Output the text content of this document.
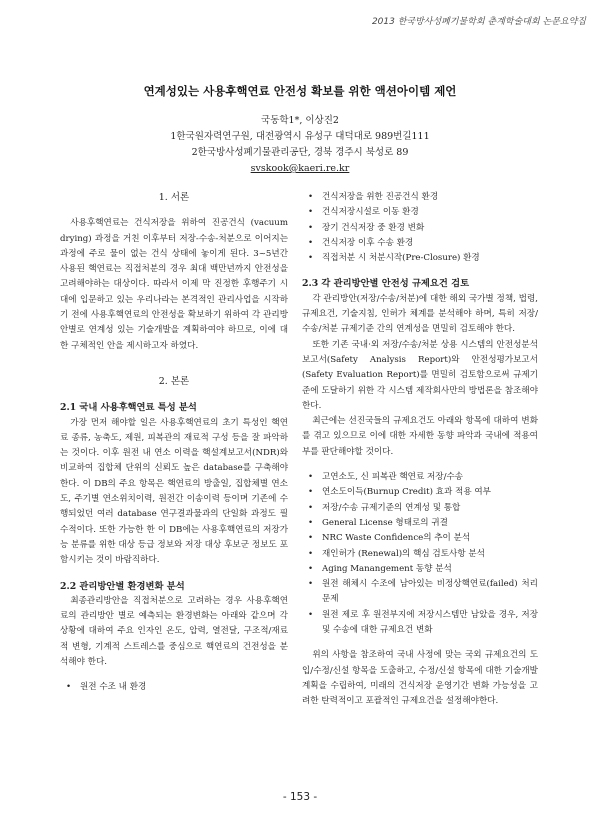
2013 한국방사성폐기물학회 춘계학술대회 논문요약집
연계성있는 사용후핵연료 안전성 확보를 위한 액션아이템 제언
국동학1*, 이상진2
1한국원자력연구원, 대전광역시 유성구 대덕대로 989번길111
2한국방사성폐기물관리공단, 경북 경주시 북성로 89
svskook@kaeri.re.kr

1. 서론

사용후핵연료는 건식저장을 위하여 진공건식 (vacuum drying) 과정을 거친 이후부터 저장-수송-처분으로 이어지는 과정에 주로 물이 없는 건식 상태에 놓이게 된다. 3~5년간 사용된 핵연료는 직접처분의 경우 최대 백만년까지 안전성을 고려해야하는 대상이다. 따라서 이제 막 진정한 후행주기 시대에 입문하고 있는 우리나라는 본격적인 관리사업을 시작하기 전에 사용후핵연료의 안전성을 확보하기 위하여 각 관리방안별로 연계성 있는 기술개발을 계획하여야 하므로, 이에 대한 구체적인 안을 제시하고자 하였다.

2. 본론

2.1 국내 사용후핵연료 특성 분석

가장 먼저 해야할 일은 사용후핵연료의 초기 특성인 핵연료 종류, 농축도, 제원, 피복관의 재료적 구성 등을 잘 파악하는 것이다. 이후 원전 내 연소 이력을 핵설계보고서(NDR)와 비교하여 집합체 단위의 신뢰도 높은 database를 구축해야 한다. 이 DB의 주요 항목은 핵연료의 방출일, 집합체별 연소도, 주기별 연소위치이력, 원전간 이송이력 등이며 기존에 수행되었던 여러 database 연구결과물과의 단일화 과정도 필수적이다. 또한 가능한 한 이 DB에는 사용후핵연료의 저장가능 분류를 위한 대상 등급 정보와 저장 대상 후보군 정보도 포함시키는 것이 바람직하다.

2.2 관리방안별 환경변화 분석

최종관리방안을 직접처분으로 고려하는 경우 사용후핵연료의 관리방안 별로 예측되는 환경변화는 아래와 같으며 각 상황에 대하여 주요 인자인 온도, 압력, 열전달, 구조적/재료적 변형, 기계적 스트레스를 중심으로 핵연료의 건전성을 분석해야 한다.

• 원전 수조 내 환경
• 건식저장을 위한 진공건식 환경
• 건식저장시설로 이동 환경
• 장기 건식저장 중 환경 변화
• 건식저장 이후 수송 환경
• 직접처분 시 처분시작(Pre-Closure) 환경

2.3 각 관리방안별 안전성 규제요건 검토

각 관리방안(저장/수송/처분)에 대한 해외 국가별 정책, 법령, 규제요건, 기술지침, 인허가 체계를 분석해야 하며, 특히 저장/수송/처분 규제기준 간의 연계성을 면밀히 검토해야 한다.

또한 기존 국내·외 저장/수송/처분 상용 시스템의 안전성분석보고서(Safety Analysis Report)와 안전성평가보고서(Safety Evaluation Report)를 면밀히 검토함으로써 규제기준에 도달하기 위한 각 시스템 제작회사만의 방법론을 참조해야 한다.

최근에는 선진국들의 규제요건도 아래와 항목에 대하여 변화를 겪고 있으므로 이에 대한 자세한 동향 파악과 국내에 적용여부를 판단해야할 것이다.

• 고연소도, 신 피복관 핵연료 저장/수송
• 연소도이득(Burnup Credit) 효과 적용 여부
• 저장/수송 규제기준의 연계성 및 통합
• General License 형태로의 귀결
• NRC Waste Confidence의 추이 분석
• 재인허가 (Renewal)의 핵심 검토사항 분석
• Aging Manangement 동향 분석
• 원전 해체시 수조에 남아있는 비정상핵연료(failed) 처리문제
• 원전 제로 후 원전부지에 저장시스템만 남았을 경우, 저장 및 수송에 대한 규제요건 변화

위의 사항을 참조하여 국내 사정에 맞는 국외 규제요건의 도입/수정/신설 항목을 도출하고, 수정/신설 항목에 대한 기술개발 계획을 수립하여, 미래의 건식저장 운영기간 변화 가능성을 고려한 탄력적이고 포괄적인 규제요건을 설정해야한다.

- 153 -
